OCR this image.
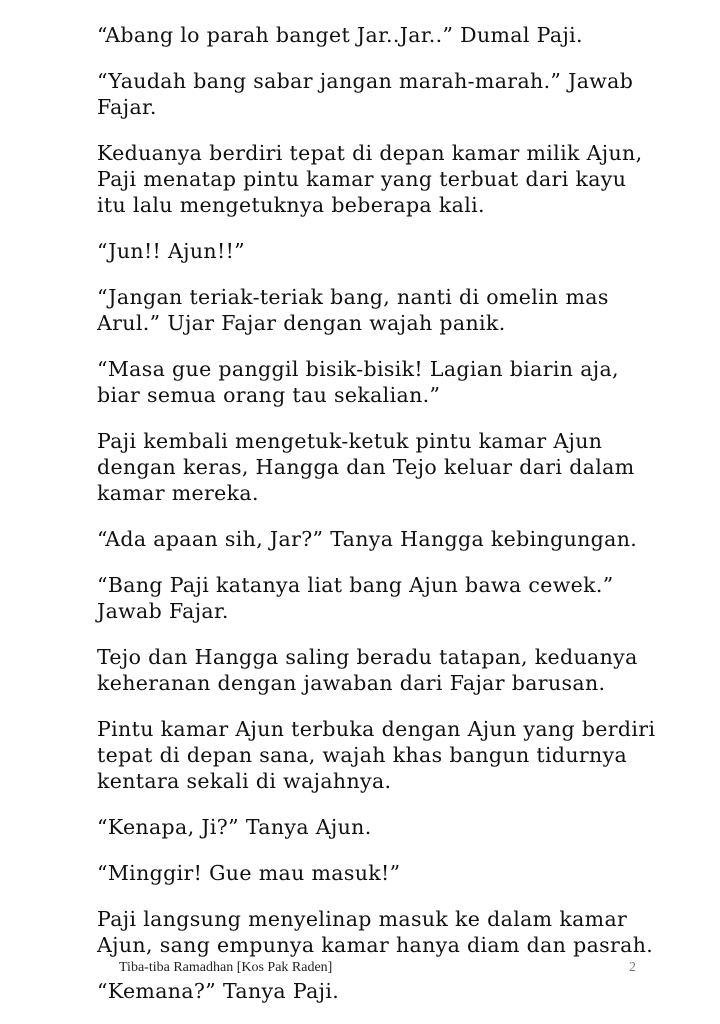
“Abang lo parah banget Jar..Jar..” Dumal Paji.

“Yaudah bang sabar jangan marah-marah.” Jawab
Fajar.

Keduanya berdiri tepat di depan kamar milik Ajun,
Paji menatap pintu kamar yang terbuat dari kayu
itu lalu mengetuknya beberapa kali.

“Jun!! Ajun!!”

“Jangan teriak-teriak bang, nanti di omelin mas
Arul.” Ujar Fajar dengan wajah panik.

“Masa gue panggil bisik-bisik! Lagian biarin aja,
biar semua orang tau sekalian.”

Paji kembali mengetuk-ketuk pintu kamar Ajun
dengan keras, Hangga dan Tejo keluar dari dalam
kamar mereka.

“Ada apaan sih, Jar?” Tanya Hangga kebingungan.

“Bang Paji katanya liat bang Ajun bawa cewek.”
Jawab Fajar.

Tejo dan Hangga saling beradu tatapan, keduanya
keheranan dengan jawaban dari Fajar barusan.

Pintu kamar Ajun terbuka dengan Ajun yang berdiri
tepat di depan sana, wajah khas bangun tidurnya
kentara sekali di wajahnya.

“Kenapa, Ji?” Tanya Ajun.

“Minggir! Gue mau masuk!”

Paji langsung menyelinap masuk ke dalam kamar
Ajun, sang empunya kamar hanya diam dan pasrah.

“Kemana?” Tanya Paji.

Tiba-tiba Ramadhan [Kos Pak Raden]	2
